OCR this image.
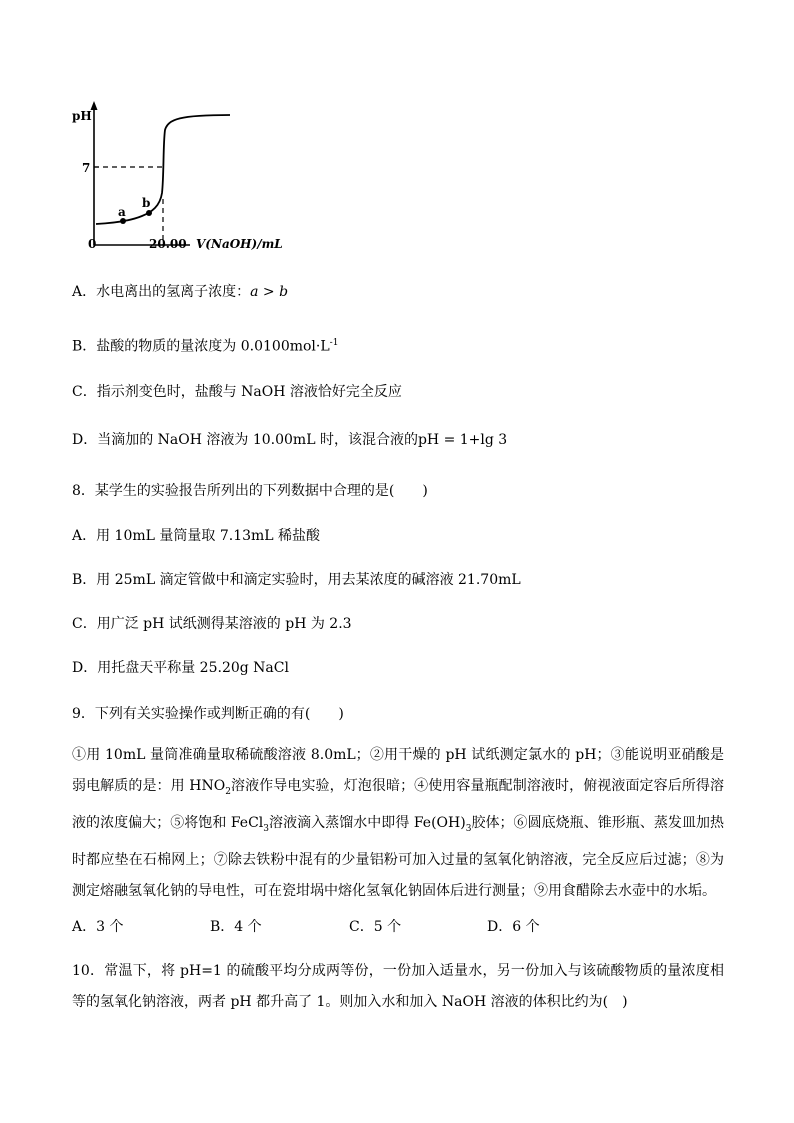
pH
7
0	20.00 V(NaOH)/mL
a
b
A．水电离出的氢离子浓度：a > b
B．盐酸的物质的量浓度为 $0.0100mol\cdot L^{-1}$
C．指示剂变色时，盐酸与 NaOH 溶液恰好完全反应
D．当滴加的 NaOH 溶液为 10.00mL 时，该混合液的pH = 1+lg 3
8．某学生的实验报告所列出的下列数据中合理的是(　　)
A．用 10mL 量筒量取 7.13mL 稀盐酸
B．用 25mL 滴定管做中和滴定实验时，用去某浓度的碱溶液 21.70mL
C．用广泛 pH 试纸测得某溶液的 pH 为 2.3
D．用托盘天平称量 25.20g NaCl
9．下列有关实验操作或判断正确的有(　　)
①用 10mL 量筒准确量取稀硫酸溶液 8.0mL；②用干燥的 pH 试纸测定氯水的 pH；③能说明亚硝酸是弱电解质的是：用 $HNO_2$溶液作导电实验，灯泡很暗；④使用容量瓶配制溶液时，俯视液面定容后所得溶液的浓度偏大；⑤将饱和 FeCl$_3$溶液滴入蒸馏水中即得 $Fe(OH)_3$胶体；⑥圆底烧瓶、锥形瓶、蒸发皿加热时都应垫在石棉网上；⑦除去铁粉中混有的少量铝粉可加入过量的氢氧化钠溶液，完全反应后过滤；⑧为测定熔融氢氧化钠的导电性，可在瓷坩埚中熔化氢氧化钠固体后进行测量；⑨用食醋除去水壶中的水垢。
A．3 个	B．4 个	C．5 个	D．6 个
10．常温下，将 pH=1 的硫酸平均分成两等份，一份加入适量水，另一份加入与该硫酸物质的量浓度相等的氢氧化钠溶液，两者 pH 都升高了 1。则加入水和加入 NaOH 溶液的体积比约为(　)
